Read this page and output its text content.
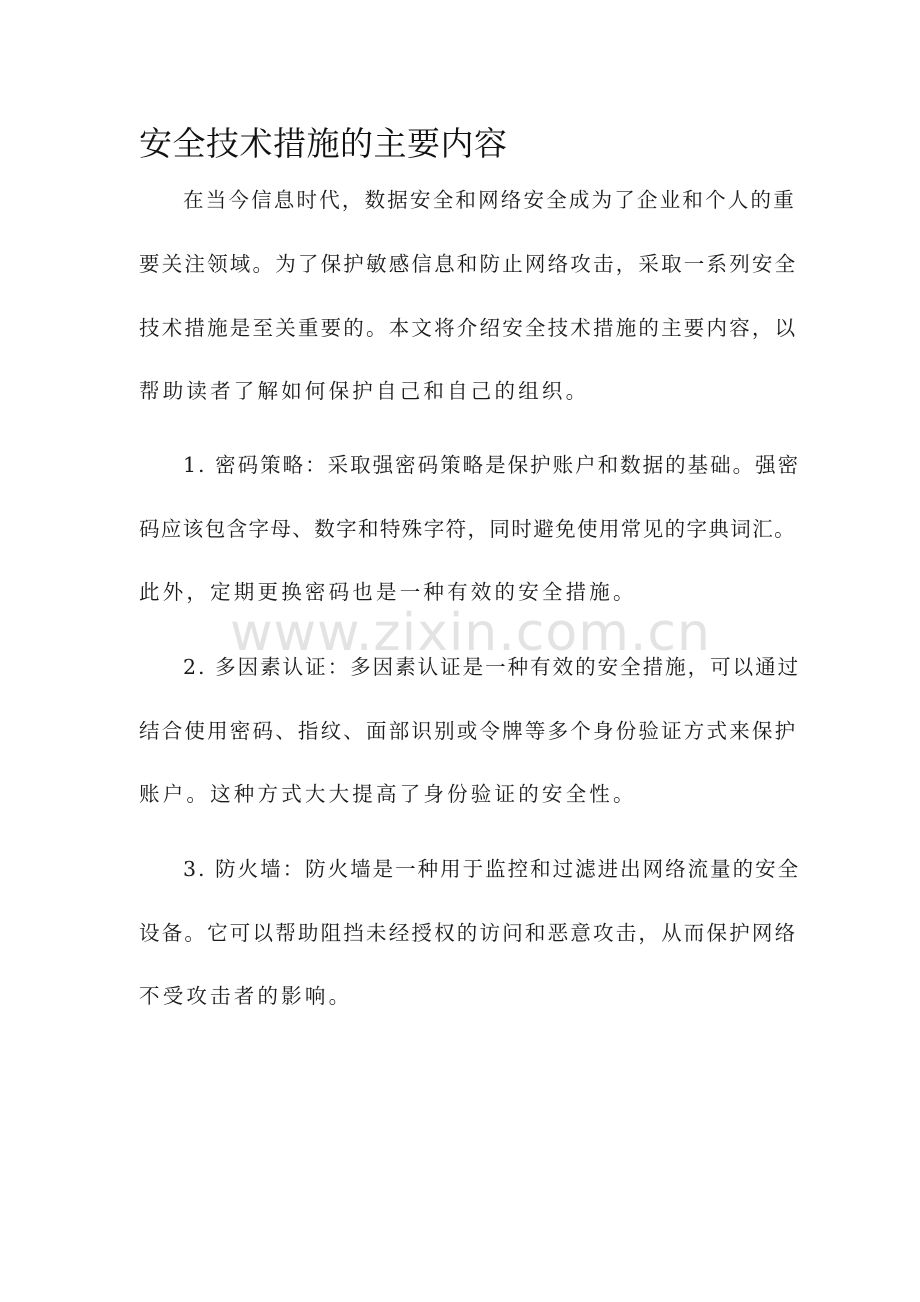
安全技术措施的主要内容

在当今信息时代，数据安全和网络安全成为了企业和个人的重

要关注领域。为了保护敏感信息和防止网络攻击，采取一系列安全

技术措施是至关重要的。本文将介绍安全技术措施的主要内容，以

帮助读者了解如何保护自己和自己的组织。

1. 密码策略：采取强密码策略是保护账户和数据的基础。强密

码应该包含字母、数字和特殊字符，同时避免使用常见的字典词汇。

此外，定期更换密码也是一种有效的安全措施。

www.zixin.com.cn

2. 多因素认证：多因素认证是一种有效的安全措施，可以通过

结合使用密码、指纹、面部识别或令牌等多个身份验证方式来保护

账户。这种方式大大提高了身份验证的安全性。

3. 防火墙：防火墙是一种用于监控和过滤进出网络流量的安全

设备。它可以帮助阻挡未经授权的访问和恶意攻击，从而保护网络

不受攻击者的影响。
